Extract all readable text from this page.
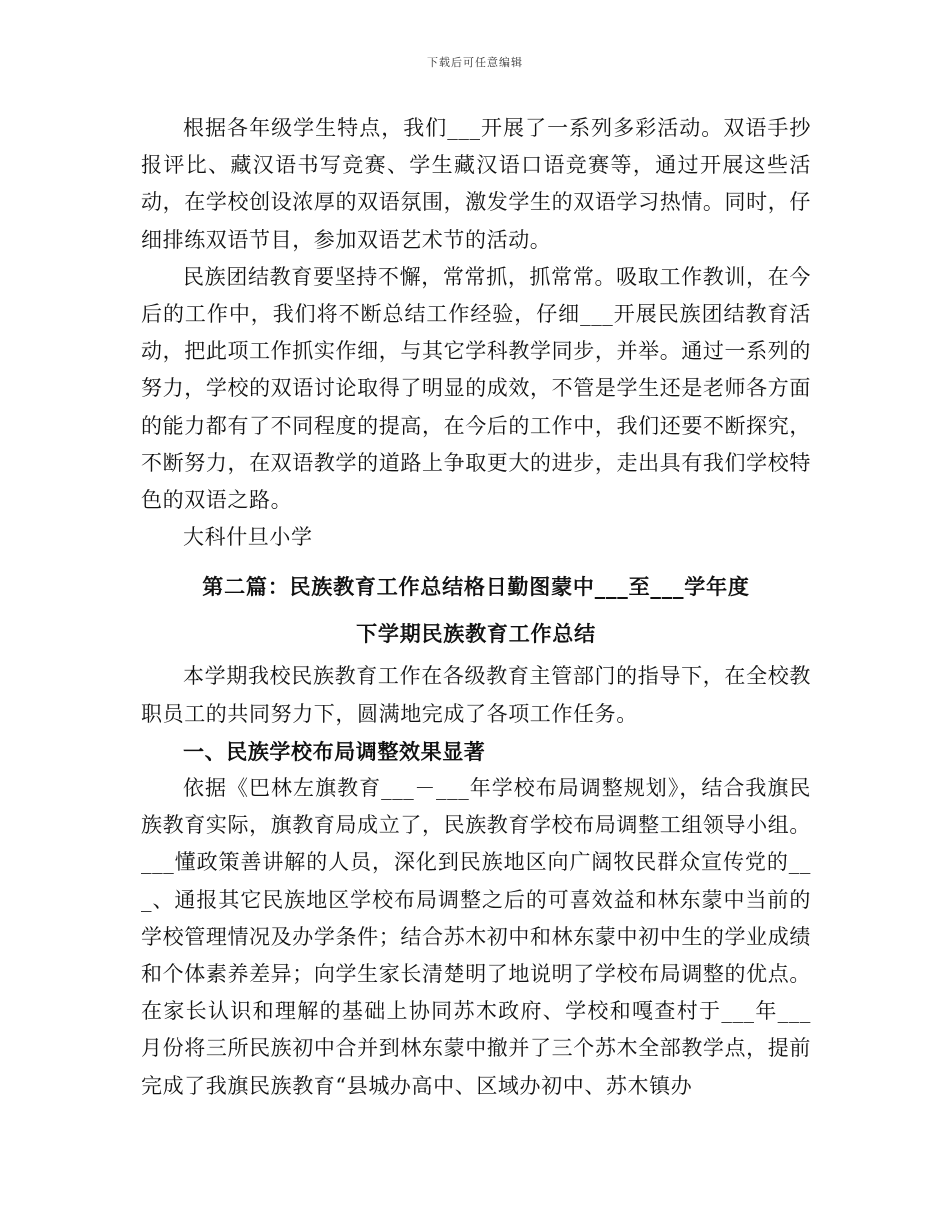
下载后可任意编辑

根据各年级学生特点，我们___开展了一系列多彩活动。双语手抄报评比、藏汉语书写竞赛、学生藏汉语口语竞赛等，通过开展这些活动，在学校创设浓厚的双语氛围，激发学生的双语学习热情。同时，仔细排练双语节目，参加双语艺术节的活动。

民族团结教育要坚持不懈，常常抓，抓常常。吸取工作教训，在今后的工作中，我们将不断总结工作经验，仔细___开展民族团结教育活动，把此项工作抓实作细，与其它学科教学同步，并举。通过一系列的努力，学校的双语讨论取得了明显的成效，不管是学生还是老师各方面的能力都有了不同程度的提高，在今后的工作中，我们还要不断探究，不断努力，在双语教学的道路上争取更大的进步，走出具有我们学校特色的双语之路。

大科什旦小学

第二篇：民族教育工作总结格日勤图蒙中___至___学年度

下学期民族教育工作总结

本学期我校民族教育工作在各级教育主管部门的指导下，在全校教职员工的共同努力下，圆满地完成了各项工作任务。

一、民族学校布局调整效果显著

依据《巴林左旗教育___－___年学校布局调整规划》，结合我旗民族教育实际，旗教育局成立了，民族教育学校布局调整工组领导小组。___懂政策善讲解的人员，深化到民族地区向广阔牧民群众宣传党的___、通报其它民族地区学校布局调整之后的可喜效益和林东蒙中当前的学校管理情况及办学条件；结合苏木初中和林东蒙中初中生的学业成绩和个体素养差异；向学生家长清楚明了地说明了学校布局调整的优点。在家长认识和理解的基础上协同苏木政府、学校和嘎查村于___年___月份将三所民族初中合并到林东蒙中撤并了三个苏木全部教学点，提前完成了我旗民族教育“县城办高中、区域办初中、苏木镇办
